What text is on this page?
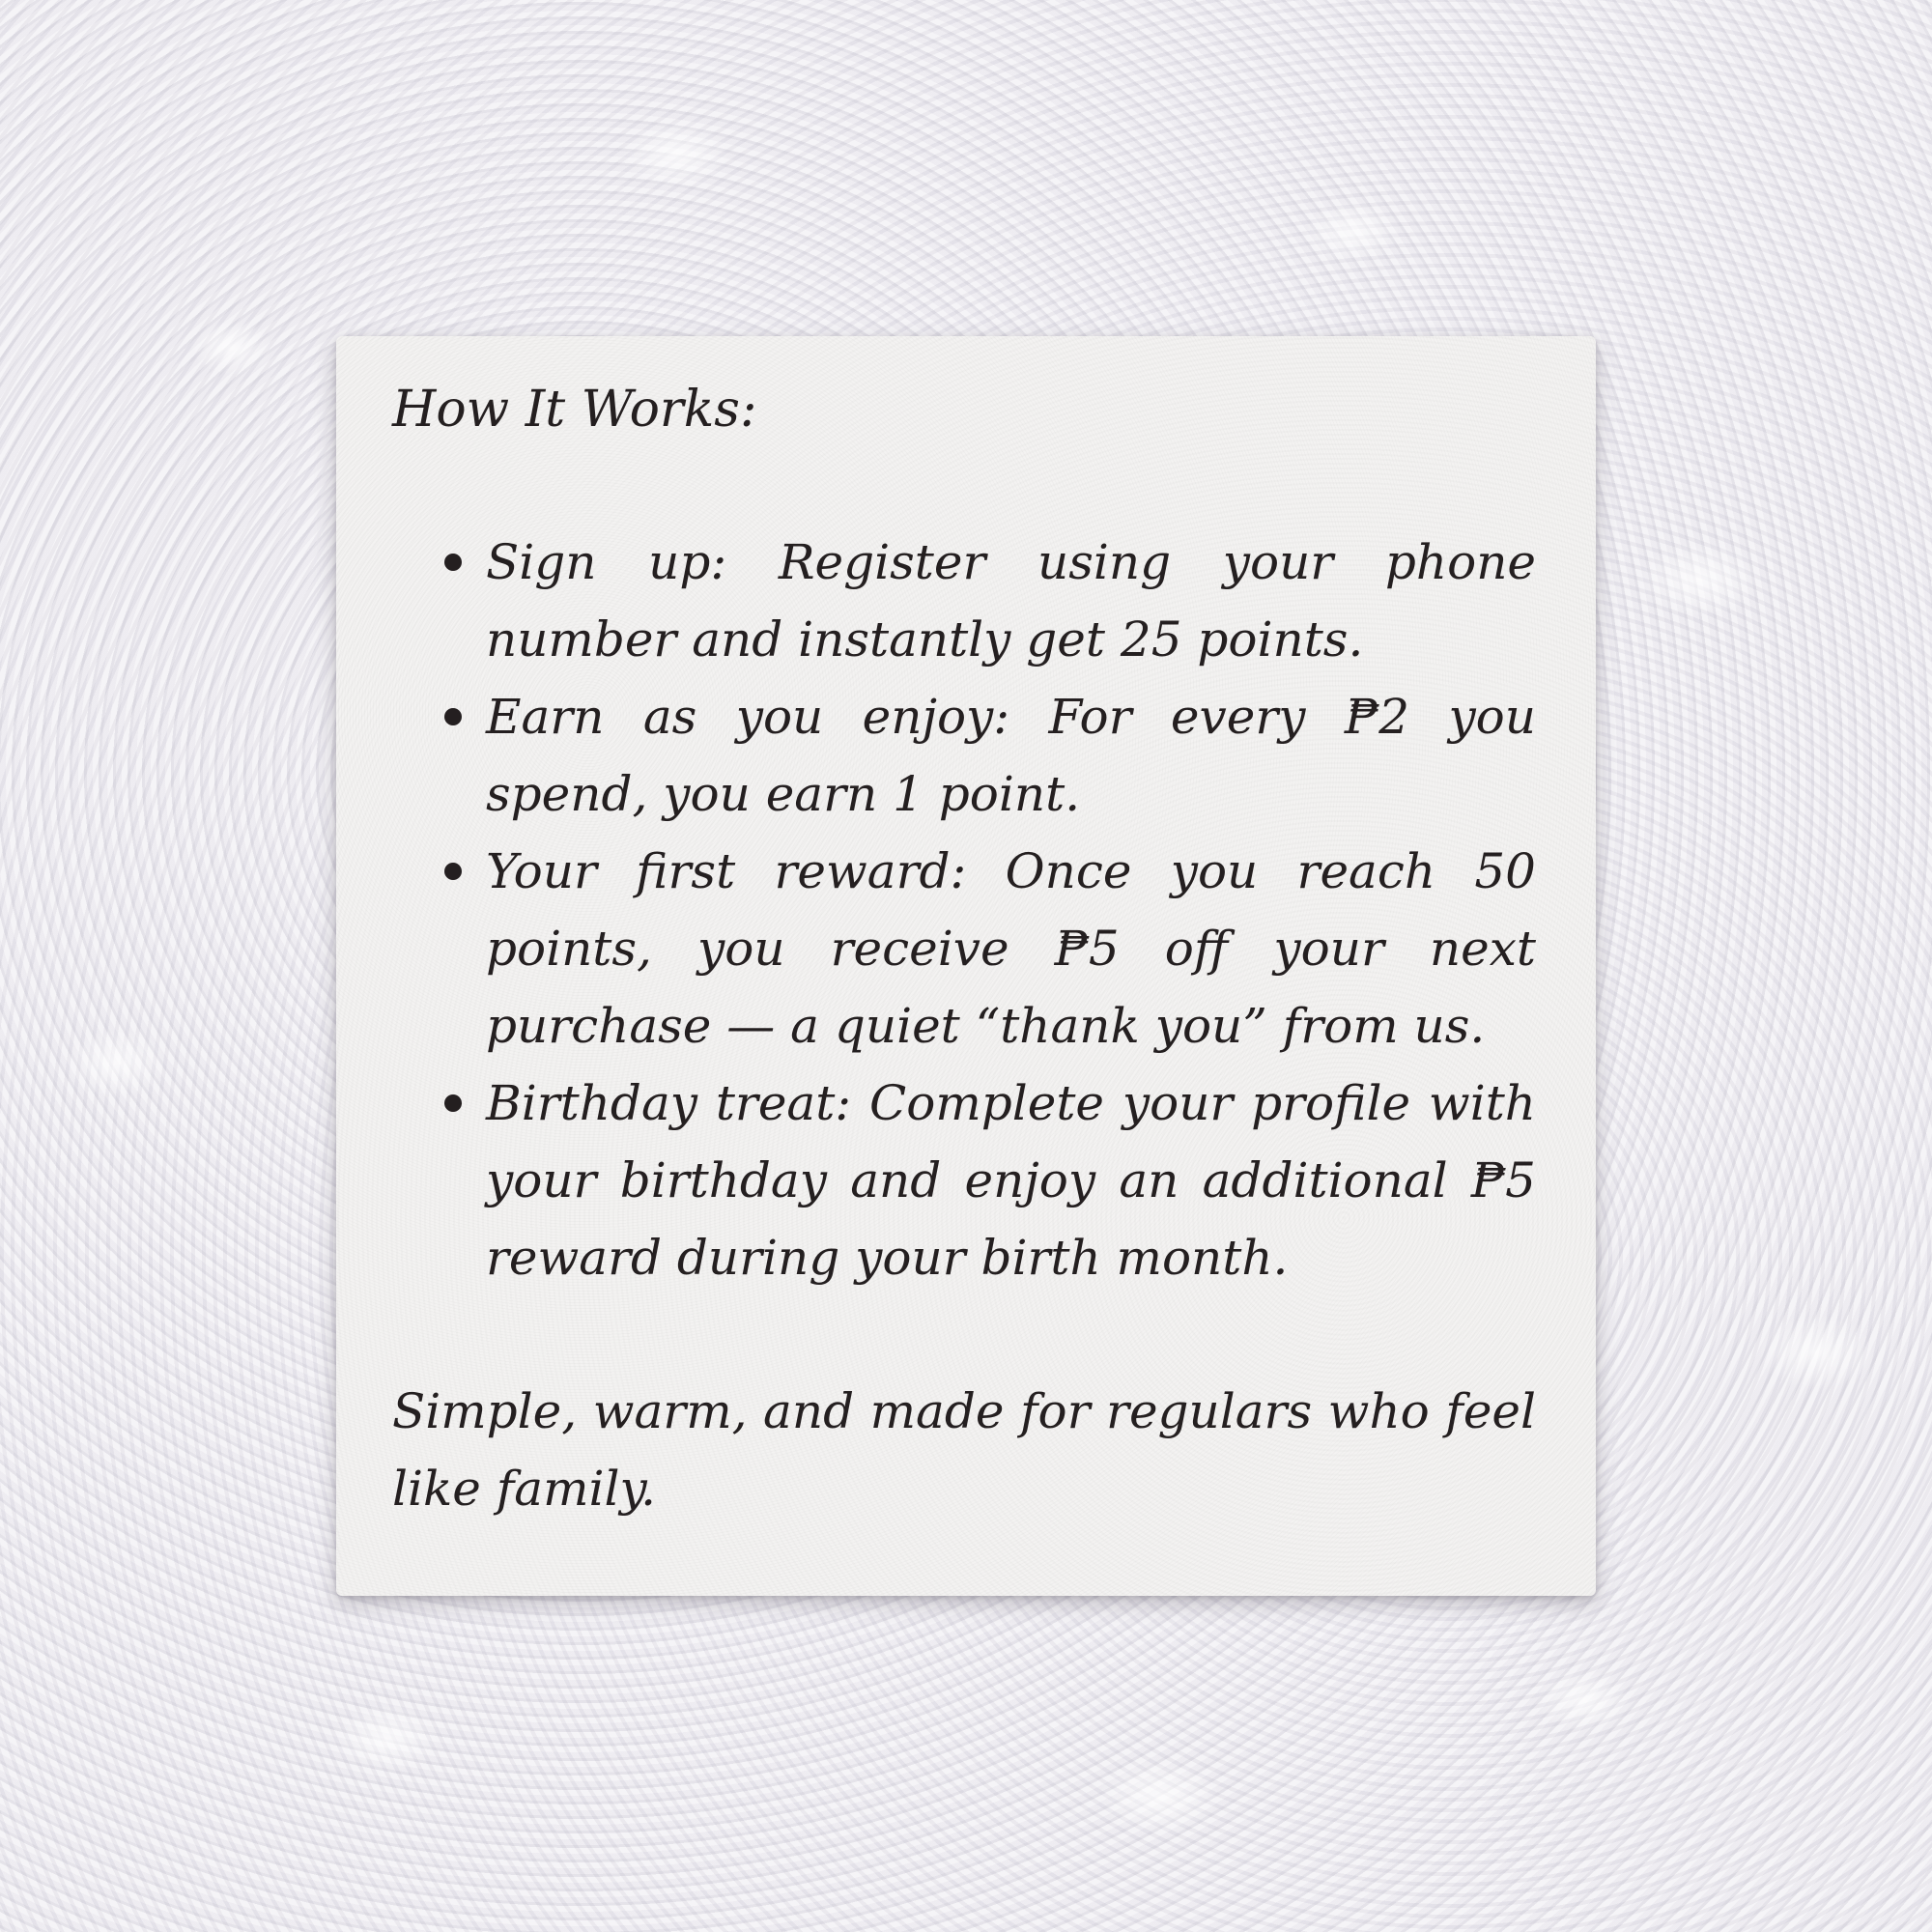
How It Works:
Sign up: Register using your phone number and instantly get 25 points.
Earn as you enjoy: For every ₱2 you spend, you earn 1 point.
Your first reward: Once you reach 50 points, you receive ₱5 off your next purchase — a quiet “thank you” from us.
Birthday treat: Complete your profile with your birthday and enjoy an additional ₱5 reward during your birth month.

Simple, warm, and made for regulars who feel like family.
